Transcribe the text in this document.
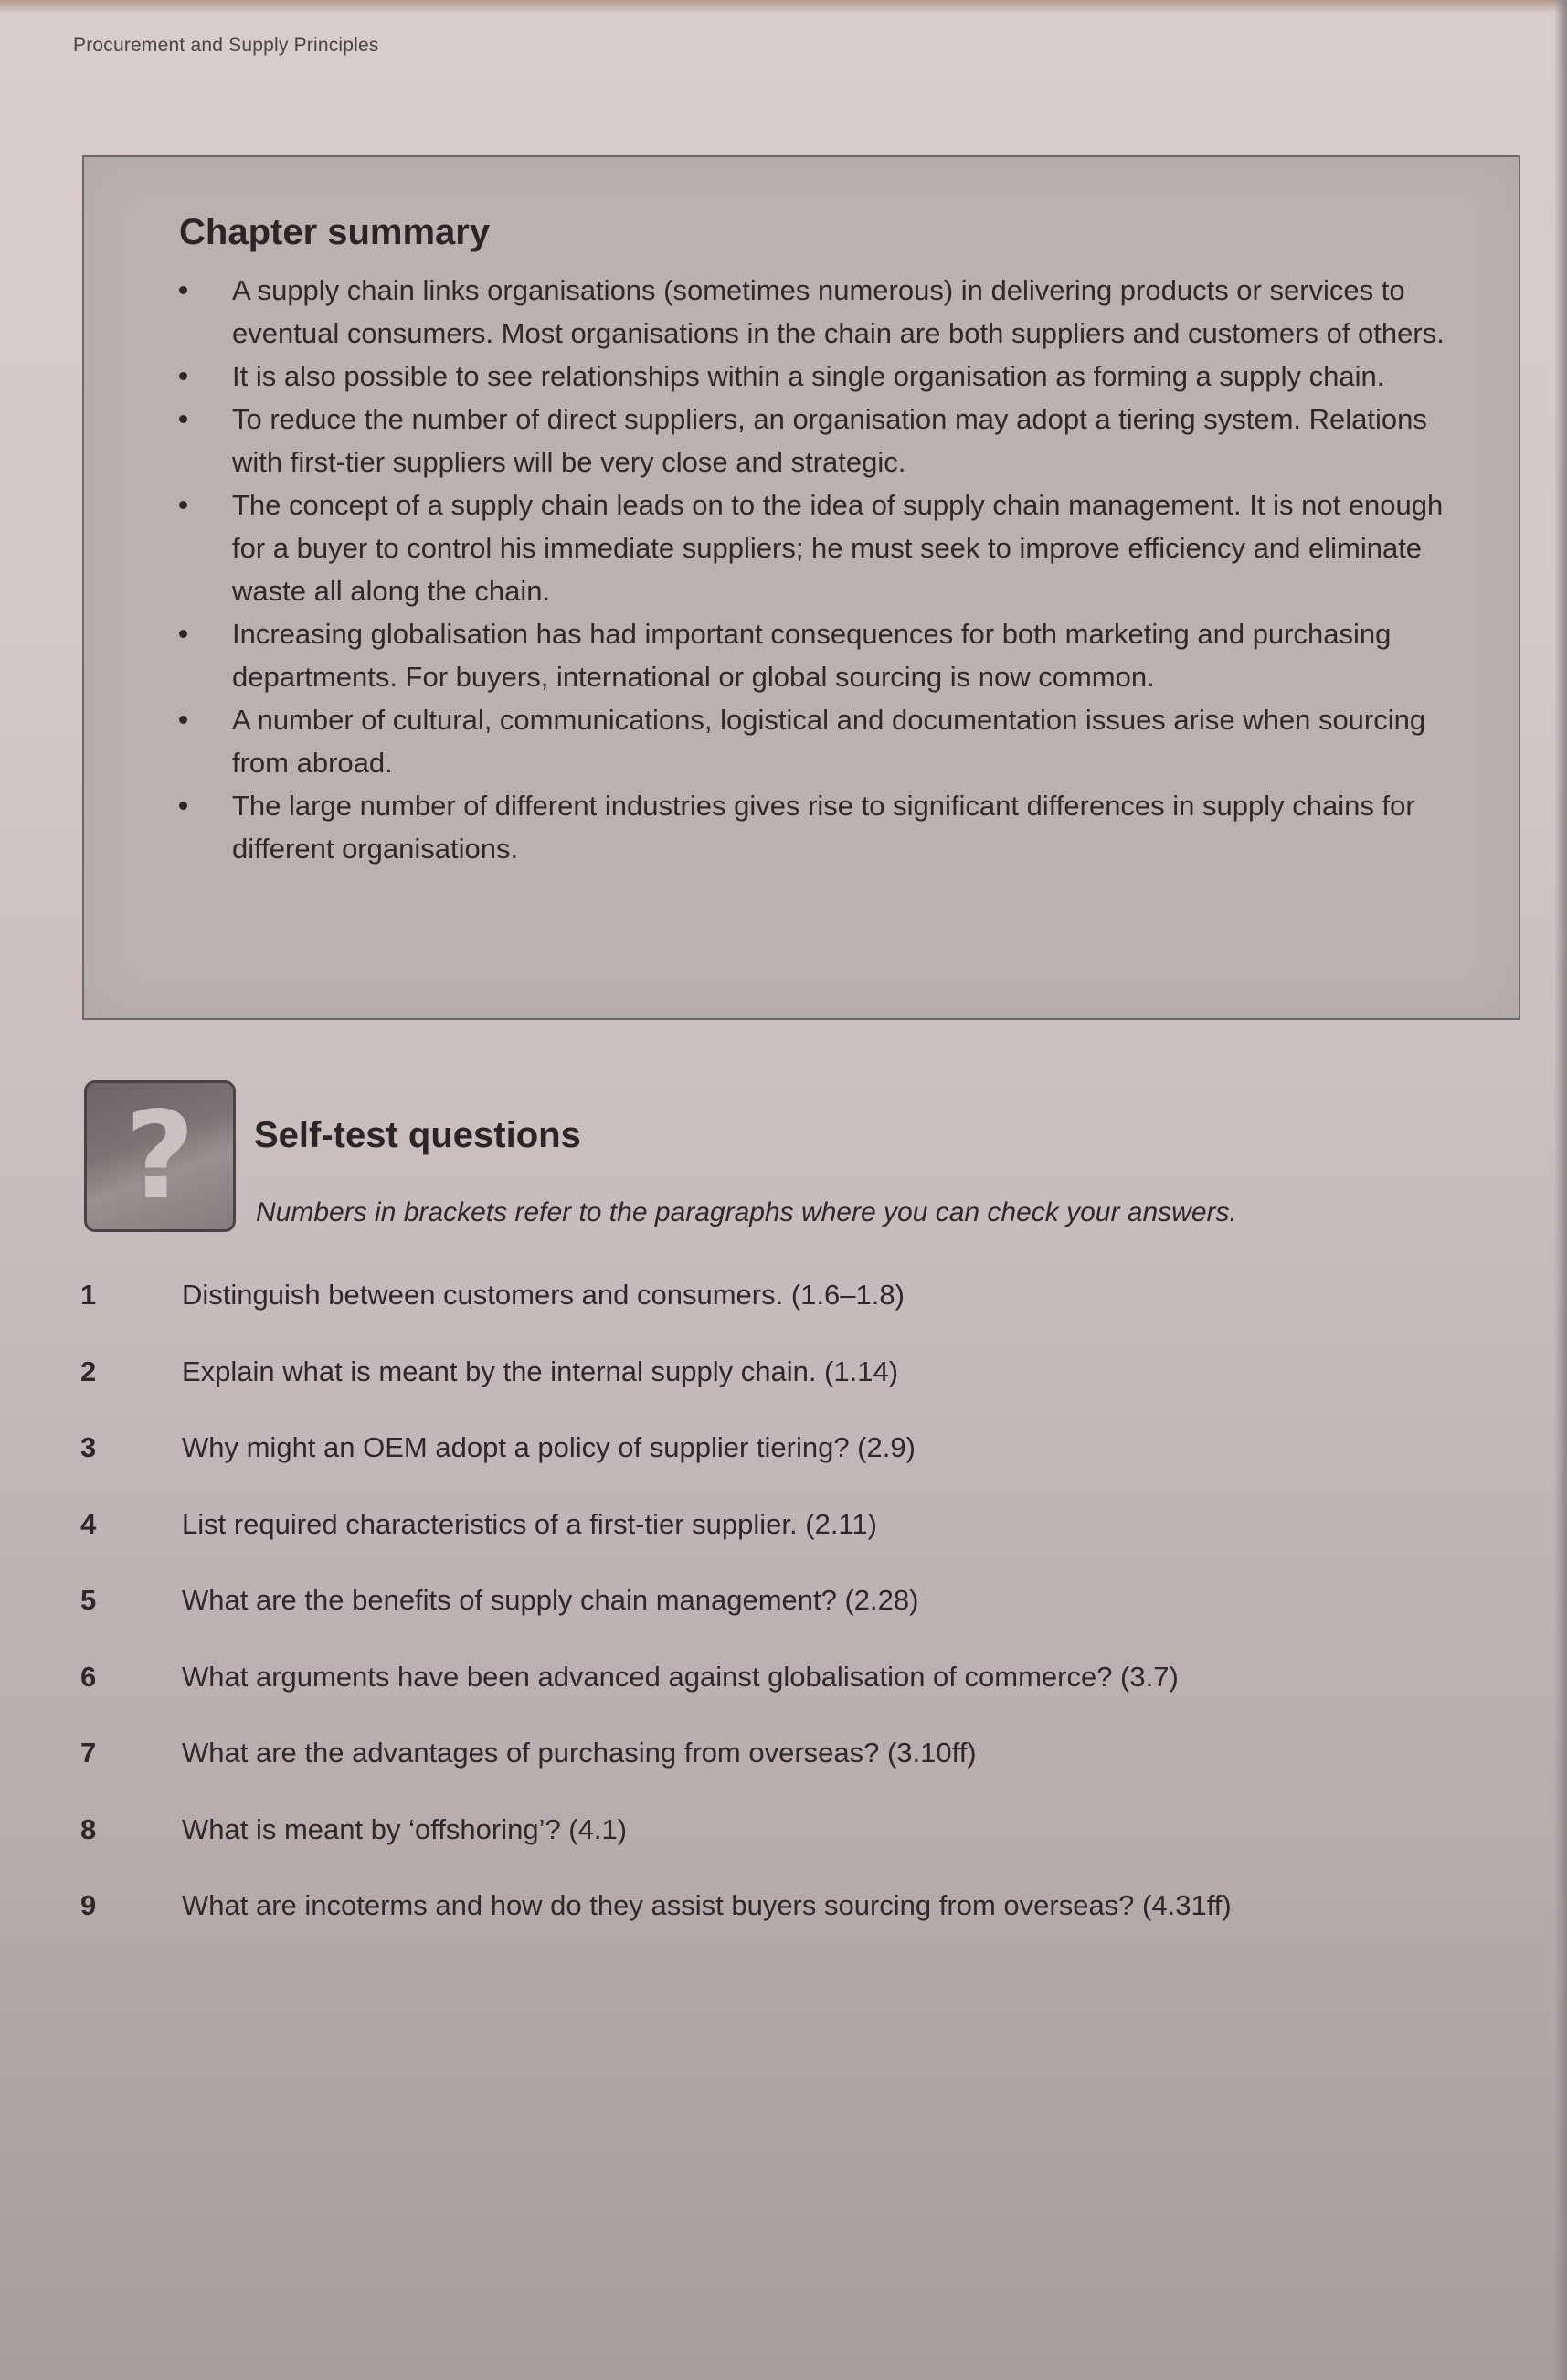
Procurement and Supply Principles
Chapter summary
A supply chain links organisations (sometimes numerous) in delivering products or services to eventual consumers. Most organisations in the chain are both suppliers and customers of others.
It is also possible to see relationships within a single organisation as forming a supply chain.
To reduce the number of direct suppliers, an organisation may adopt a tiering system. Relations with first-tier suppliers will be very close and strategic.
The concept of a supply chain leads on to the idea of supply chain management. It is not enough for a buyer to control his immediate suppliers; he must seek to improve efficiency and eliminate waste all along the chain.
Increasing globalisation has had important consequences for both marketing and purchasing departments. For buyers, international or global sourcing is now common.
A number of cultural, communications, logistical and documentation issues arise when sourcing from abroad.
The large number of different industries gives rise to significant differences in supply chains for different organisations.
?	Self-test questions
Numbers in brackets refer to the paragraphs where you can check your answers.
1	Distinguish between customers and consumers. (1.6–1.8)
2	Explain what is meant by the internal supply chain. (1.14)
3	Why might an OEM adopt a policy of supplier tiering? (2.9)
4	List required characteristics of a first-tier supplier. (2.11)
5	What are the benefits of supply chain management? (2.28)
6	What arguments have been advanced against globalisation of commerce? (3.7)
7	What are the advantages of purchasing from overseas? (3.10ff)
8	What is meant by ‘offshoring’? (4.1)
9	What are incoterms and how do they assist buyers sourcing from overseas? (4.31ff)
